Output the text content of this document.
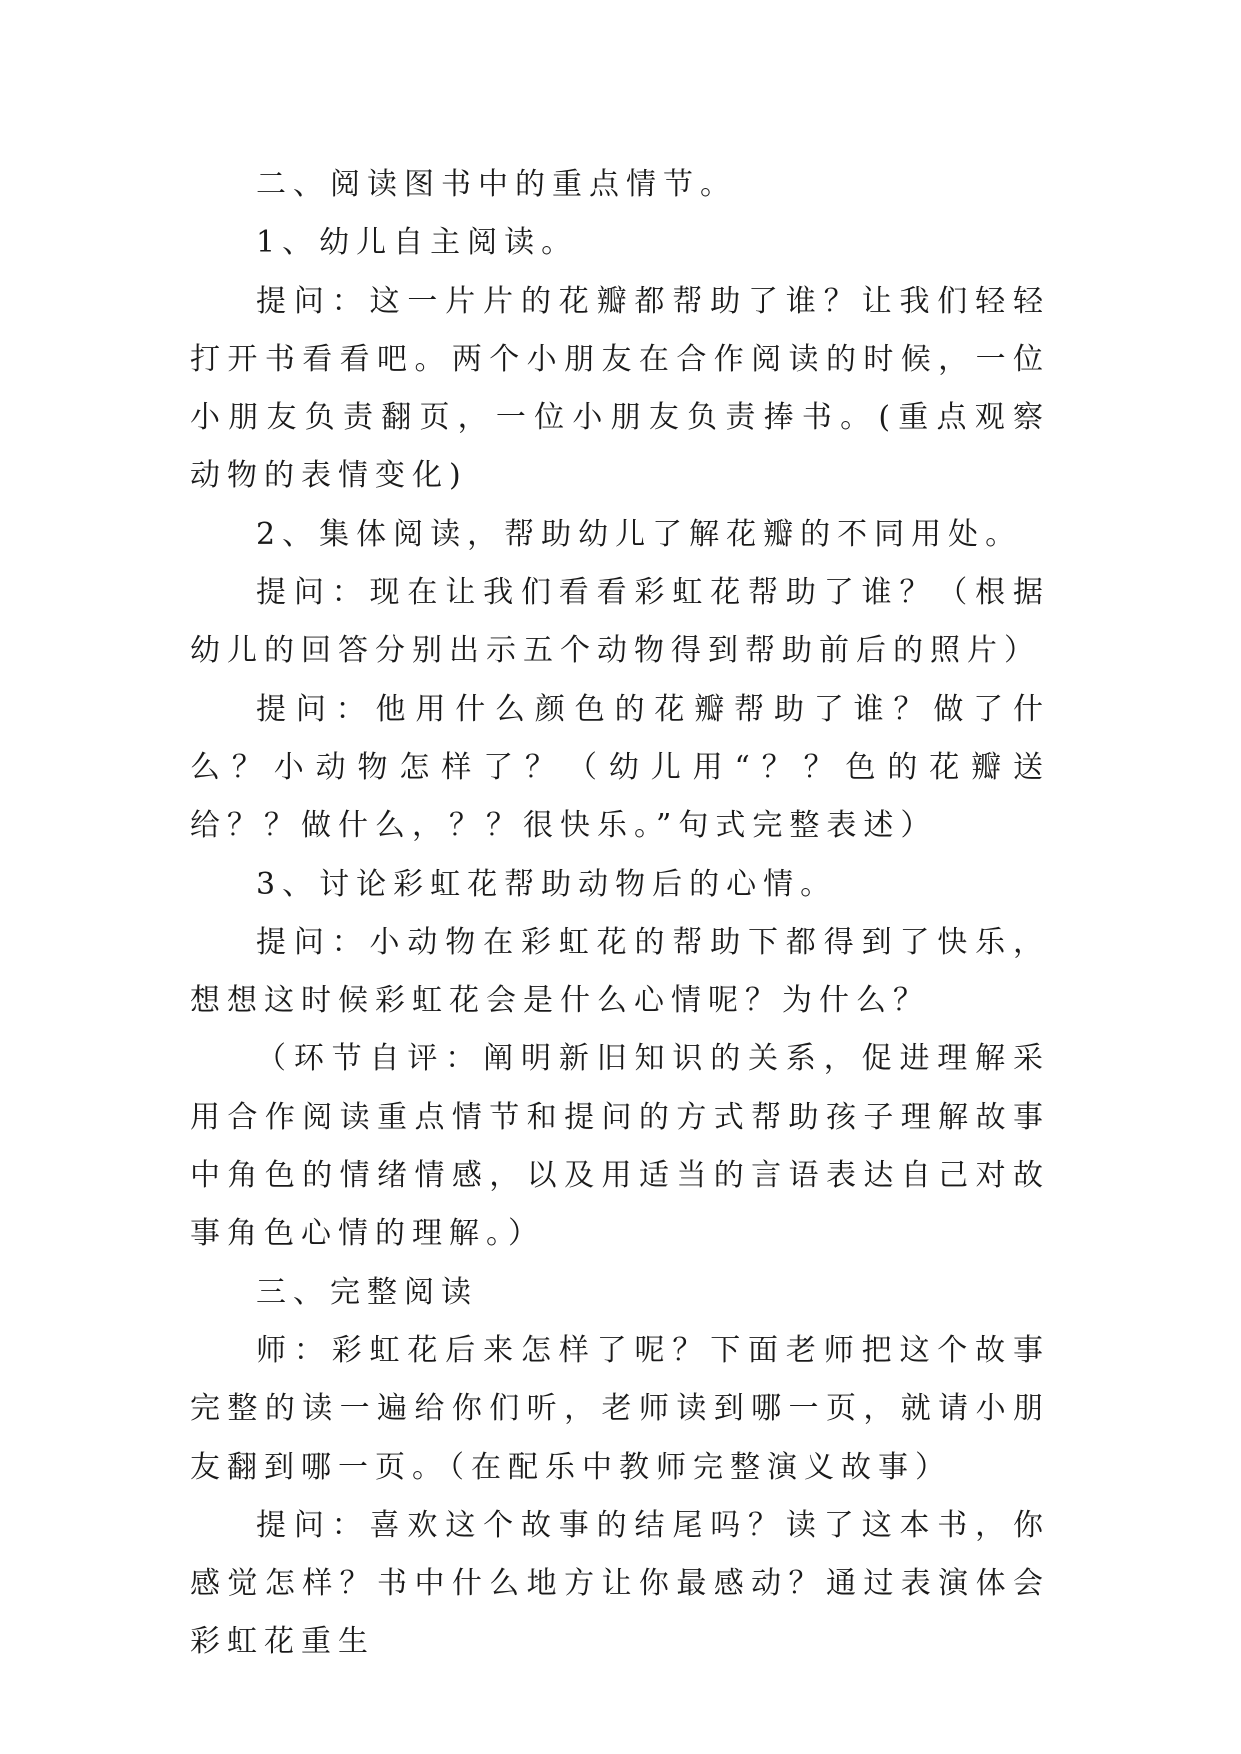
二、阅读图书中的重点情节。

1、幼儿自主阅读。

提问：这一片片的花瓣都帮助了谁？让我们轻轻打开书看看吧。两个小朋友在合作阅读的时候，一位小朋友负责翻页，一位小朋友负责捧书。(重点观察动物的表情变化)

2、集体阅读，帮助幼儿了解花瓣的不同用处。

提问：现在让我们看看彩虹花帮助了谁？（根据幼儿的回答分别出示五个动物得到帮助前后的照片）

提问：他用什么颜色的花瓣帮助了谁？做了什么？小动物怎样了？（幼儿用“？？色的花瓣送给？？做什么，？？很快乐。”句式完整表述）

3、讨论彩虹花帮助动物后的心情。

提问：小动物在彩虹花的帮助下都得到了快乐，想想这时候彩虹花会是什么心情呢？为什么？

（环节自评：阐明新旧知识的关系，促进理解采用合作阅读重点情节和提问的方式帮助孩子理解故事中角色的情绪情感，以及用适当的言语表达自己对故事角色心情的理解。）

三、完整阅读

师：彩虹花后来怎样了呢？下面老师把这个故事完整的读一遍给你们听，老师读到哪一页，就请小朋友翻到哪一页。（在配乐中教师完整演义故事）

提问：喜欢这个故事的结尾吗？读了这本书，你感觉怎样？书中什么地方让你最感动？通过表演体会彩虹花重生
